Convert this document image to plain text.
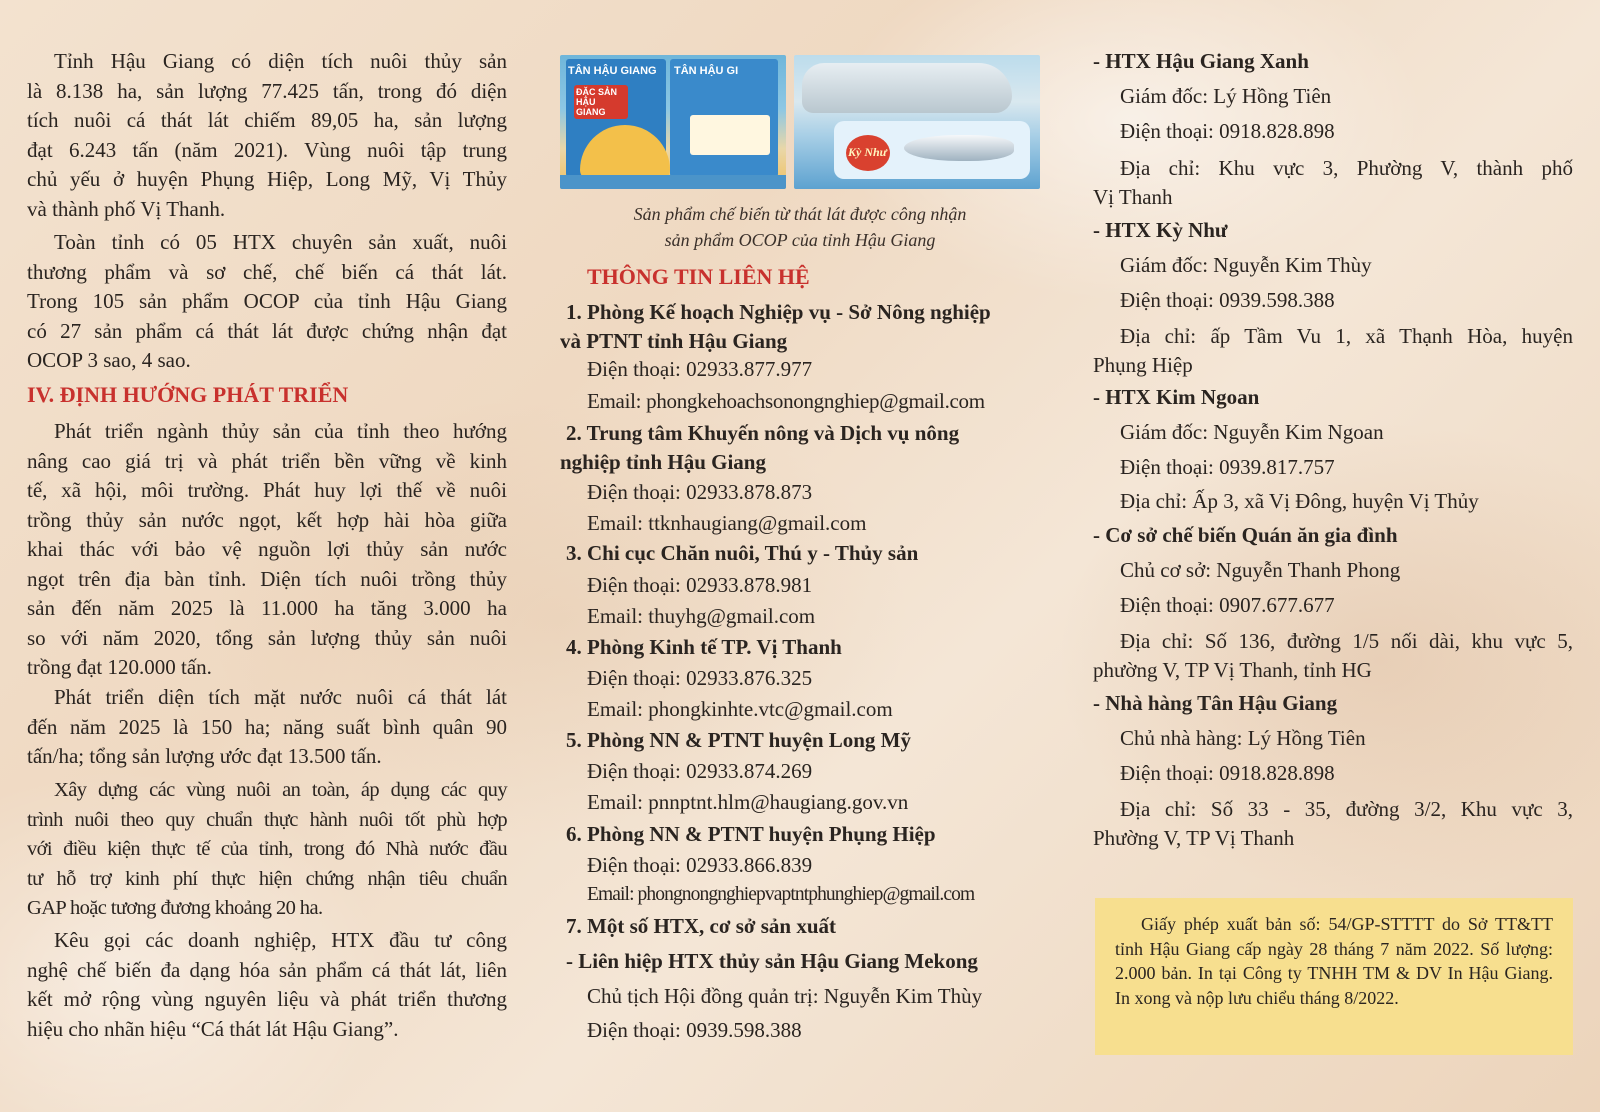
Tỉnh Hậu Giang có diện tích nuôi thủy sản
là 8.138 ha, sản lượng 77.425 tấn, trong đó diện
tích nuôi cá thát lát chiếm 89,05 ha, sản lượng
đạt 6.243 tấn (năm 2021). Vùng nuôi tập trung
chủ yếu ở huyện Phụng Hiệp, Long Mỹ, Vị Thủy
và thành phố Vị Thanh.
Toàn tỉnh có 05 HTX chuyên sản xuất, nuôi
thương phẩm và sơ chế, chế biến cá thát lát.
Trong 105 sản phẩm OCOP của tỉnh Hậu Giang
có 27 sản phẩm cá thát lát được chứng nhận đạt
OCOP 3 sao, 4 sao.
Phát triển ngành thủy sản của tỉnh theo hướng
nâng cao giá trị và phát triển bền vững về kinh
tế, xã hội, môi trường. Phát huy lợi thế về nuôi
trồng thủy sản nước ngọt, kết hợp hài hòa giữa
khai thác với bảo vệ nguồn lợi thủy sản nước
ngọt trên địa bàn tỉnh. Diện tích nuôi trồng thủy
sản đến năm 2025 là 11.000 ha tăng 3.000 ha
so với năm 2020, tổng sản lượng thủy sản nuôi
trồng đạt 120.000 tấn.
Phát triển diện tích mặt nước nuôi cá thát lát
đến năm 2025 là 150 ha; năng suất bình quân 90
tấn/ha; tổng sản lượng ước đạt 13.500 tấn.
Xây dựng các vùng nuôi an toàn, áp dụng các quy
trình nuôi theo quy chuẩn thực hành nuôi tốt phù hợp
với điều kiện thực tế của tỉnh, trong đó Nhà nước đầu
tư hỗ trợ kinh phí thực hiện chứng nhận tiêu chuẩn
GAP hoặc tương đương khoảng 20 ha.
Kêu gọi các doanh nghiệp, HTX đầu tư công
nghệ chế biến đa dạng hóa sản phẩm cá thát lát, liên
kết mở rộng vùng nguyên liệu và phát triển thương
hiệu cho nhãn hiệu “Cá thát lát Hậu Giang”.
IV. ĐỊNH HƯỚNG PHÁT TRIỂN
TÂN HẬU GIANG TÂN HẬU GI
ĐẶC SẢN HẬU GIANG
Kỳ Như

Sản phẩm chế biến từ thát lát được công nhận
sản phẩm OCOP của tỉnh Hậu Giang

THÔNG TIN LIÊN HỆ
1. Phòng Kế hoạch Nghiệp vụ - Sở Nông nghiệp
và PTNT tỉnh Hậu Giang

Điện thoại: 02933.877.977

Email: phongkehoachsonongnghiep@gmail.com

2. Trung tâm Khuyến nông và Dịch vụ nông
nghiệp tỉnh Hậu Giang

Điện thoại: 02933.878.873

Email: ttknhaugiang@gmail.com

3. Chi cục Chăn nuôi, Thú y - Thủy sản

Điện thoại: 02933.878.981

Email: thuyhg@gmail.com

4. Phòng Kinh tế TP. Vị Thanh

Điện thoại: 02933.876.325

Email: phongkinhte.vtc@gmail.com

5. Phòng NN & PTNT huyện Long Mỹ

Điện thoại: 02933.874.269

Email: pnnptnt.hlm@haugiang.gov.vn

6. Phòng NN & PTNT huyện Phụng Hiệp

Điện thoại: 02933.866.839

Email: phongnongnghiepvaptntphunghiep@gmail.com

7. Một số HTX, cơ sở sản xuất

- Liên hiệp HTX thủy sản Hậu Giang Mekong

Chủ tịch Hội đồng quản trị: Nguyễn Kim Thùy

Điện thoại: 0939.598.388

- HTX Hậu Giang Xanh

Giám đốc: Lý Hồng Tiên

Điện thoại: 0918.828.898

Địa chỉ: Khu vực 3, Phường V, thành phố
Vị Thanh

- HTX Kỳ Như

Giám đốc: Nguyễn Kim Thùy

Điện thoại: 0939.598.388

Địa chỉ: ấp Tầm Vu 1, xã Thạnh Hòa, huyện
Phụng Hiệp

- HTX Kim Ngoan

Giám đốc: Nguyễn Kim Ngoan

Điện thoại: 0939.817.757

Địa chỉ: Ấp 3, xã Vị Đông, huyện Vị Thủy

- Cơ sở chế biến Quán ăn gia đình

Chủ cơ sở: Nguyễn Thanh Phong

Điện thoại: 0907.677.677

Địa chỉ: Số 136, đường 1/5 nối dài, khu vực 5,
phường V, TP Vị Thanh, tỉnh HG

- Nhà hàng Tân Hậu Giang

Chủ nhà hàng: Lý Hồng Tiên

Điện thoại: 0918.828.898

Địa chỉ: Số 33 - 35, đường 3/2, Khu vực 3,
Phường V, TP Vị Thanh

Giấy phép xuất bản số: 54/GP-STTTT do Sở TT&TT tỉnh Hậu Giang cấp ngày 28 tháng 7 năm 2022. Số lượng: 2.000 bản. In tại Công ty TNHH TM & DV In Hậu Giang. In xong và nộp lưu chiểu tháng 8/2022.
